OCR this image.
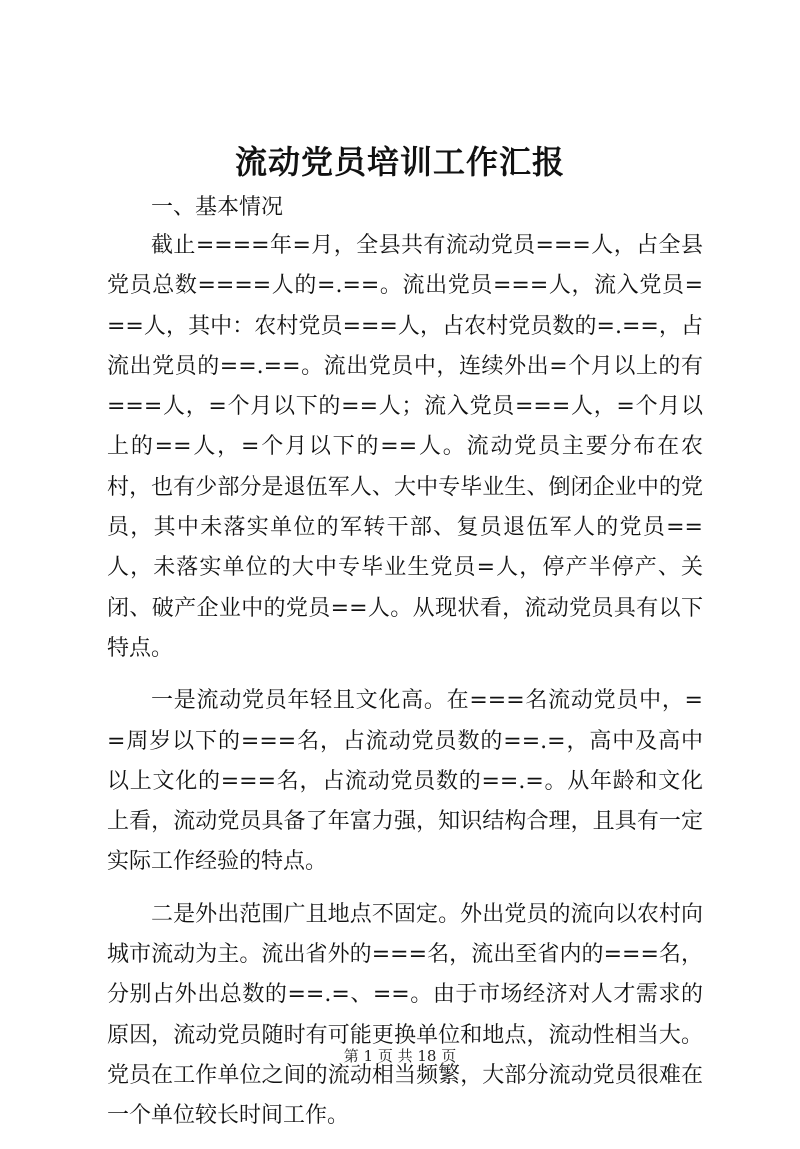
流动党员培训工作汇报

一、基本情况

截止====年=月，全县共有流动党员===人，占全县党员总数====人的=.==。流出党员===人，流入党员===人，其中：农村党员===人，占农村党员数的=.==，占流出党员的==.==。流出党员中，连续外出=个月以上的有===人，=个月以下的==人；流入党员===人，=个月以上的==人，=个月以下的==人。流动党员主要分布在农村，也有少部分是退伍军人、大中专毕业生、倒闭企业中的党员，其中未落实单位的军转干部、复员退伍军人的党员==人，未落实单位的大中专毕业生党员=人，停产半停产、关闭、破产企业中的党员==人。从现状看，流动党员具有以下特点。

一是流动党员年轻且文化高。在===名流动党员中，==周岁以下的===名，占流动党员数的==.=，高中及高中以上文化的===名，占流动党员数的==.=。从年龄和文化上看，流动党员具备了年富力强，知识结构合理，且具有一定实际工作经验的特点。

二是外出范围广且地点不固定。外出党员的流向以农村向城市流动为主。流出省外的===名，流出至省内的===名，分别占外出总数的==.=、==。由于市场经济对人才需求的原因，流动党员随时有可能更换单位和地点，流动性相当大。党员在工作单位之间的流动相当频繁，大部分流动党员很难在一个单位较长时间工作。

第 1 页 共 18 页
